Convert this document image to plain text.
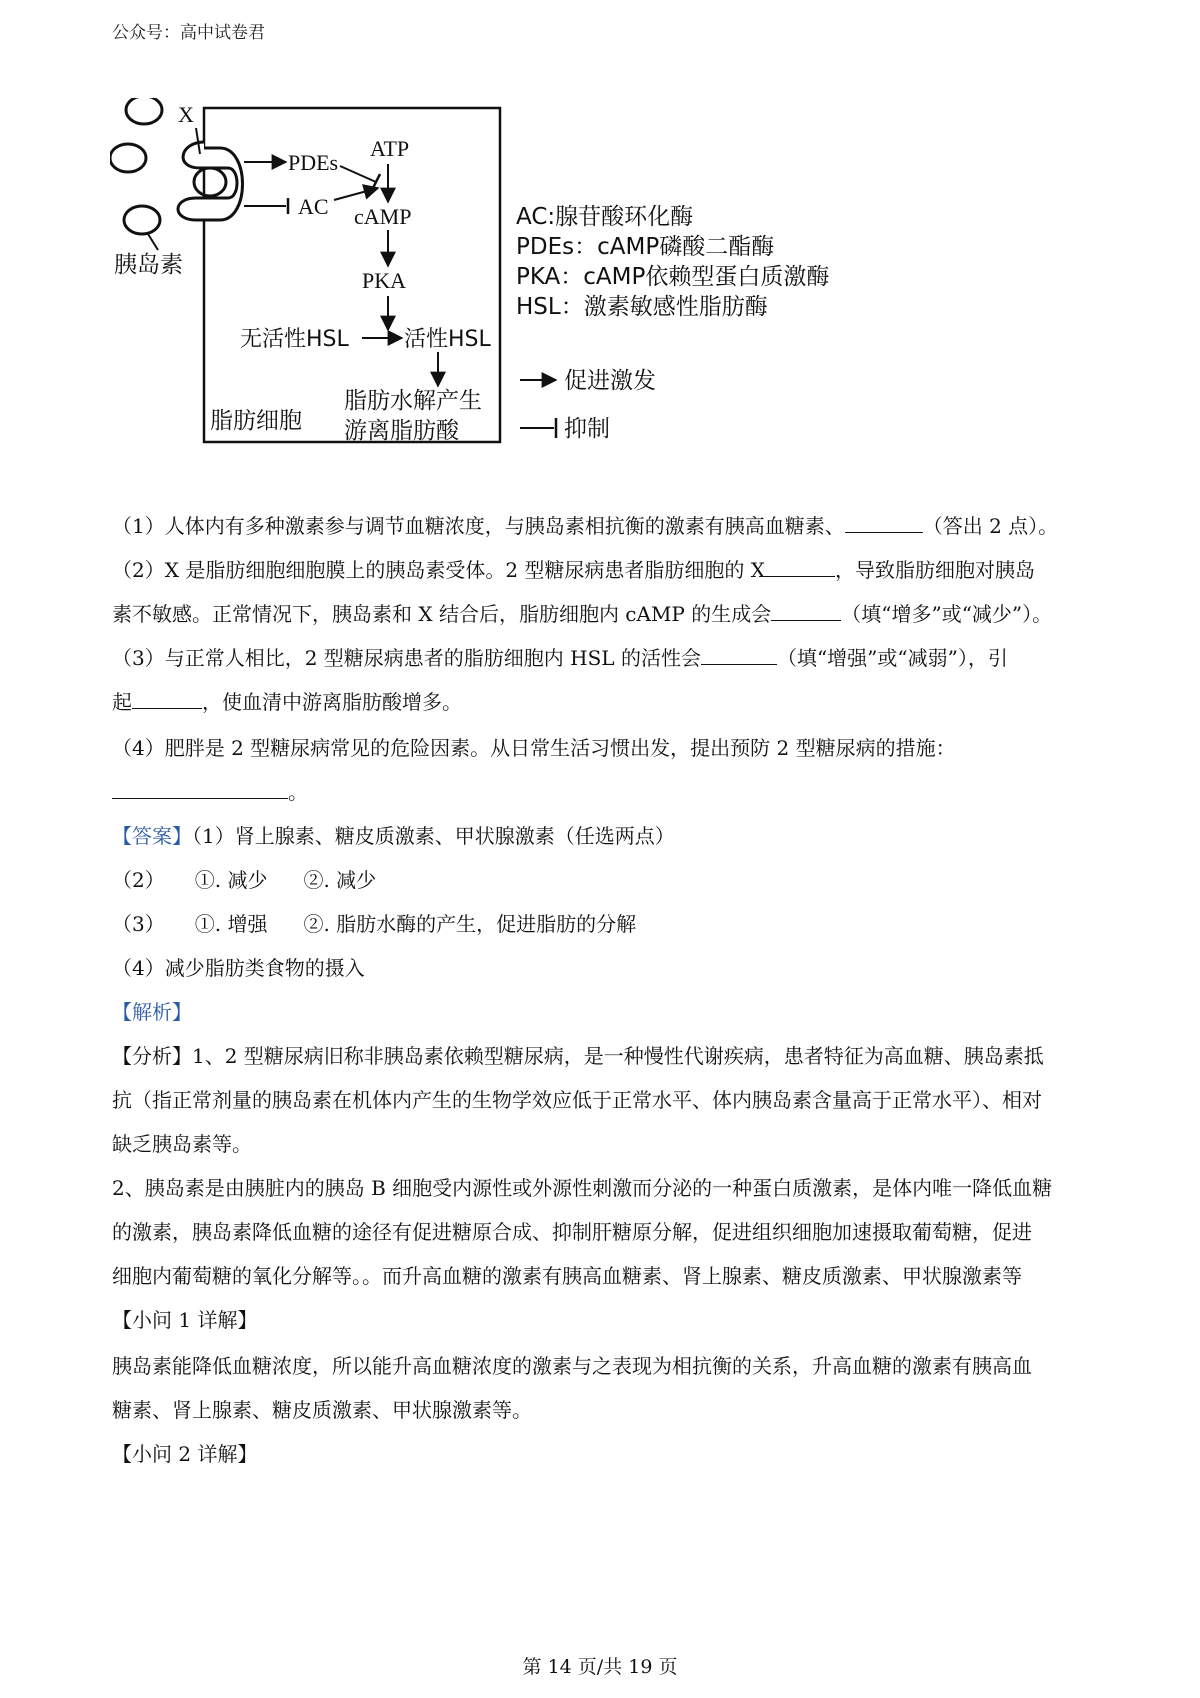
公众号：高中试卷君
X
PDEs
AC
ATP
cAMP
PKA
无活性HSL	活性HSL
脂肪水解产生
游离脂肪酸
脂肪细胞
胰岛素
AC:腺苷酸环化酶
PDEs：cAMP磷酸二酯酶
PKA：cAMP依赖型蛋白质激酶
HSL：激素敏感性脂肪酶
促进激发
抑制
（1）人体内有多种激素参与调节血糖浓度，与胰岛素相抗衡的激素有胰高血糖素、	（答出 2 点）。
（2）X 是脂肪细胞细胞膜上的胰岛素受体。2 型糖尿病患者脂肪细胞的 X	，导致脂肪细胞对胰岛
素不敏感。正常情况下，胰岛素和 X 结合后，脂肪细胞内 cAMP 的生成会	（填“增多”或“减少”）。
（3）与正常人相比，2 型糖尿病患者的脂肪细胞内 HSL 的活性会	（填“增强”或“减弱”），引
起	，使血清中游离脂肪酸增多。
（4）肥胖是 2 型糖尿病常见的危险因素。从日常生活习惯出发，提出预防 2 型糖尿病的措施：
。
【答案】（1）肾上腺素、糖皮质激素、甲状腺激素（任选两点）
（2） ①. 减少 ②. 减少
（3） ①. 增强 ②. 脂肪水酶的产生，促进脂肪的分解
（4）减少脂肪类食物的摄入
【解析】
【分析】1、2 型糖尿病旧称非胰岛素依赖型糖尿病，是一种慢性代谢疾病，患者特征为高血糖、胰岛素抵
抗（指正常剂量的胰岛素在机体内产生的生物学效应低于正常水平、体内胰岛素含量高于正常水平）、相对
缺乏胰岛素等。
2、胰岛素是由胰脏内的胰岛 B 细胞受内源性或外源性刺激而分泌的一种蛋白质激素，是体内唯一降低血糖
的激素，胰岛素降低血糖的途径有促进糖原合成、抑制肝糖原分解，促进组织细胞加速摄取葡萄糖，促进
细胞内葡萄糖的氧化分解等。。而升高血糖的激素有胰高血糖素、肾上腺素、糖皮质激素、甲状腺激素等
【小问 1 详解】
胰岛素能降低血糖浓度，所以能升高血糖浓度的激素与之表现为相抗衡的关系，升高血糖的激素有胰高血
糖素、肾上腺素、糖皮质激素、甲状腺激素等。
【小问 2 详解】
第 14 页/共 19 页
